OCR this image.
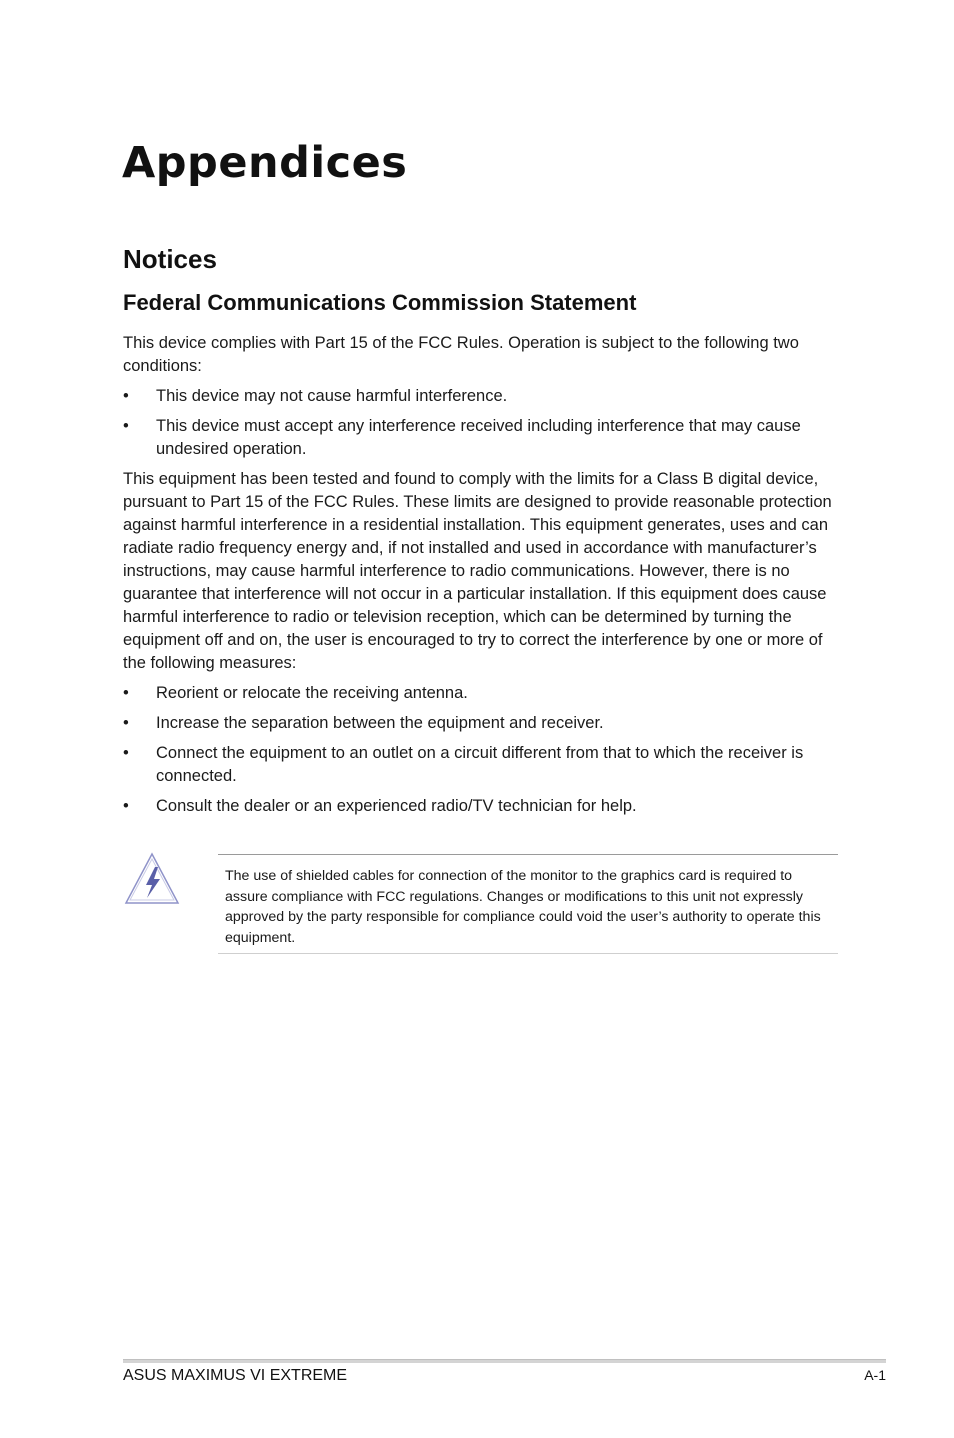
Appendices
Notices
Federal Communications Commission Statement

This device complies with Part 15 of the FCC Rules. Operation is subject to the following two conditions:

• This device may not cause harmful interference.
• This device must accept any interference received including interference that may cause undesired operation.

This equipment has been tested and found to comply with the limits for a Class B digital device, pursuant to Part 15 of the FCC Rules. These limits are designed to provide reasonable protection against harmful interference in a residential installation. This equipment generates, uses and can radiate radio frequency energy and, if not installed and used in accordance with manufacturer’s instructions, may cause harmful interference to radio communications. However, there is no guarantee that interference will not occur in a particular installation. If this equipment does cause harmful interference to radio or television reception, which can be determined by turning the equipment off and on, the user is encouraged to try to correct the interference by one or more of the following measures:

• Reorient or relocate the receiving antenna.
• Increase the separation between the equipment and receiver.
• Connect the equipment to an outlet on a circuit different from that to which the receiver is connected.
• Consult the dealer or an experienced radio/TV technician for help.
The use of shielded cables for connection of the monitor to the graphics card is required to assure compliance with FCC regulations. Changes or modifications to this unit not expressly approved by the party responsible for compliance could void the user’s authority to operate this equipment.
ASUS MAXIMUS VI EXTREME	A-1
